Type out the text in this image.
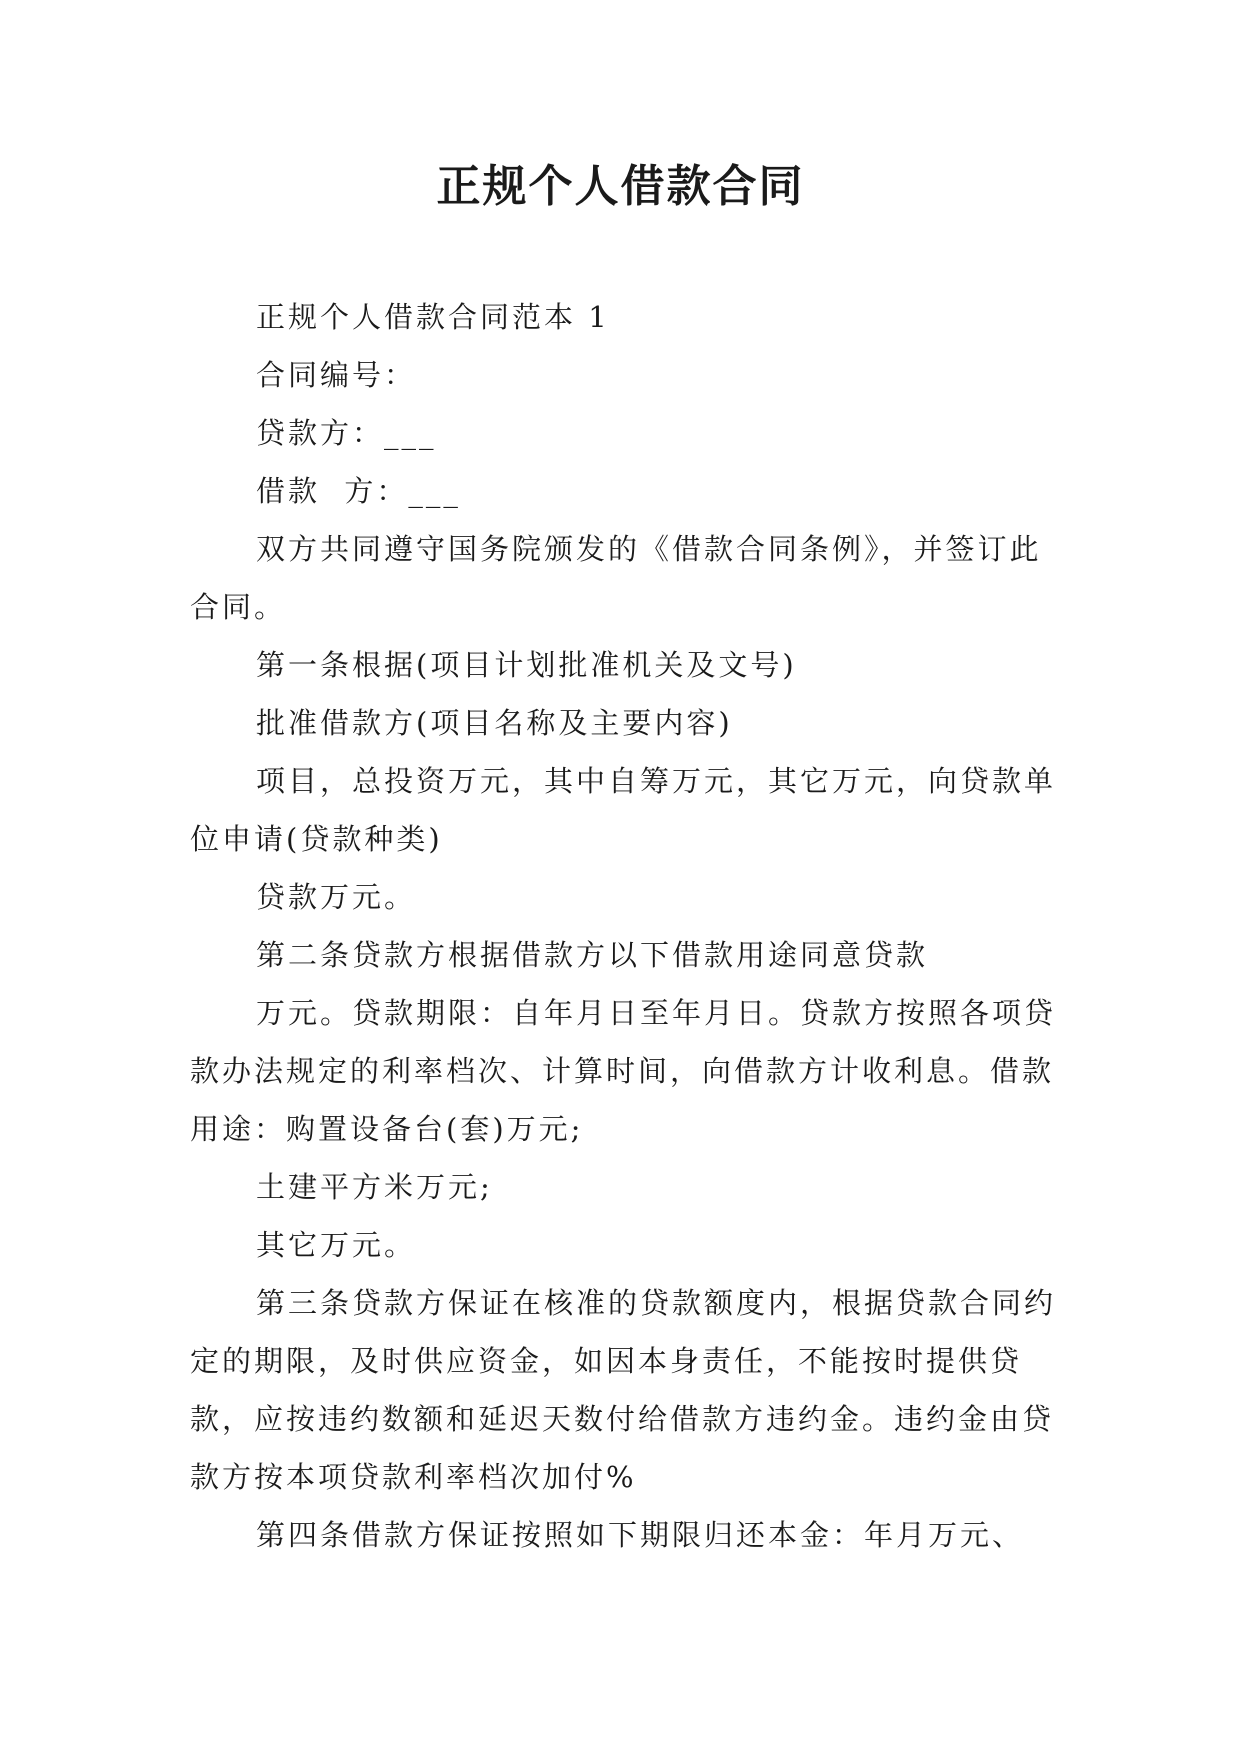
正规个人借款合同

正规个人借款合同范本 1

合同编号：

贷款方：___

借款  方：___

双方共同遵守国务院颁发的《借款合同条例》，并签订此合同。

第一条根据(项目计划批准机关及文号)

批准借款方(项目名称及主要内容)

项目，总投资万元，其中自筹万元，其它万元，向贷款单位申请(贷款种类)

贷款万元。

第二条贷款方根据借款方以下借款用途同意贷款

万元。贷款期限：自年月日至年月日。贷款方按照各项贷款办法规定的利率档次、计算时间，向借款方计收利息。借款用途：购置设备台(套)万元;

土建平方米万元;

其它万元。

第三条贷款方保证在核准的贷款额度内，根据贷款合同约定的期限，及时供应资金，如因本身责任，不能按时提供贷款，应按违约数额和延迟天数付给借款方违约金。违约金由贷款方按本项贷款利率档次加付%

第四条借款方保证按照如下期限归还本金：年月万元、
